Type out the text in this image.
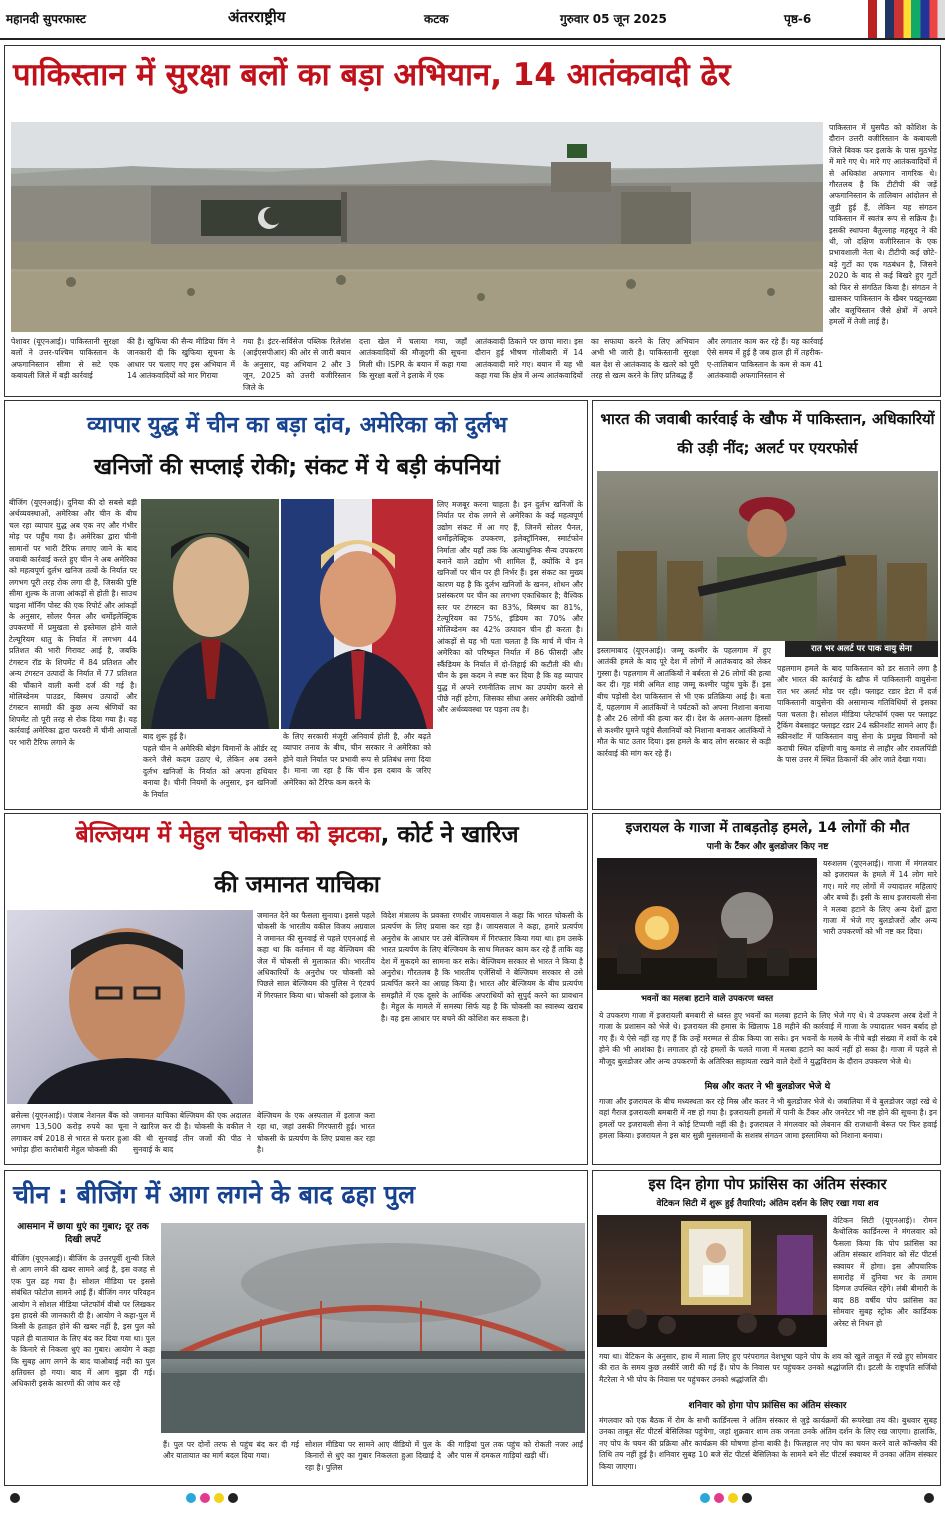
महानदी सुपरफास्ट	अंतरराष्ट्रीय	कटक	गुरुवार 05 जून 2025	पृष्ठ-6
पाकिस्तान में सुरक्षा बलों का बड़ा अभियान, 14 आतंकवादी ढेर
पाकिस्तान में घुसपैठ को कोशिश के दौरान उत्तरी वजीरिस्तान के कबायली जिले बिवक फर इलाके के पास मुठभेड़ में मारे गए थे। मारे गए आतंकवादियों में से अधिकांश अफगान नागरिक थे। गौरतलब है कि टीटीपी की जड़ें अफगानिस्तान के तालिबान आंदोलन से जुड़ी हुई हैं, लेकिन यह संगठन पाकिस्तान में स्वतंत्र रूप से सक्रिय है। इसकी स्थापना बैतुल्लाह महसूद ने की थी, जो दक्षिण वजीरिस्तान के एक प्रभावशाली नेता थे। टीटीपी कई छोटे-बड़े गुटों का एक गठबंधन है, जिसने 2020 के बाद से कई बिखरे हुए गुटों को फिर से संगठित किया है। संगठन ने खासकर पाकिस्तान के खैबर पख्तूनख्वा और बलूचिस्तान जैसे क्षेत्रों में अपने हमलों में तेजी लाई है।
पेशावर (यूएनआई)। पाकिस्तानी सुरक्षा बलों ने उत्तर-पश्चिम पाकिस्तान के अफगानिस्तान सीमा से सटे एक कबायली जिले में बड़ी कार्रवाई
की है। खुफिया की सैन्य मीडिया विंग ने जानकारी दी कि खुफिया सूचना के आधार पर चलाए गए इस अभियान में 14 आतंकवादियों को मार गिराया
गया है। इंटर-सर्विसेज पब्लिक रिलेशंस (आईएसपीआर) की ओर से जारी बयान के अनुसार, यह अभियान 2 और 3 जून, 2025 को उत्तरी वजीरिस्तान जिले के
दत्ता खेल में चलाया गया, जहाँ आतंकवादियों की मौजूदगी की सूचना मिली थी। ISPR के बयान में कहा गया कि सुरक्षा बलों ने इलाके में एक
आतंकवादी ठिकाने पर छापा मारा। इस दौरान हुई भीषण गोलीबारी में 14 आतंकवादी मारे गए। बयान में यह भी कहा गया कि क्षेत्र में अन्य आतंकवादियों
का सफाया करने के लिए अभियान अभी भी जारी है। पाकिस्तानी सुरक्षा बल देश से आतंकवाद के खतरे को पूरी तरह से खत्म करने के लिए प्रतिबद्ध हैं
और लगातार काम कर रहे हैं। यह कार्रवाई ऐसे समय में हुई है जब हाल ही में तहरीक-ए-तालिबान पाकिस्तान के कम से कम 41 आतंकवादी अफगानिस्तान से
व्यापार युद्ध में चीन का बड़ा दांव, अमेरिका को दुर्लभ
खनिजों की सप्लाई रोकी; संकट में ये बड़ी कंपनियां
बीजिंग (यूएनआई)। दुनिया की दो सबसे बड़ी अर्थव्यवस्थाओं, अमेरिका और चीन के बीच चल रहा व्यापार युद्ध अब एक नए और गंभीर मोड़ पर पहुँच गया है। अमेरिका द्वारा चीनी सामानों पर भारी टैरिफ लगाए जाने के बाद जवाबी कार्रवाई करते हुए चीन ने अब अमेरिका को महत्वपूर्ण दुर्लभ खनिज तत्वों के निर्यात पर लगभग पूरी तरह रोक लगा दी है, जिसकी पुष्टि सीमा शुल्क के ताजा आंकड़ों से होती है। साउथ चाइना मॉर्निंग पोस्ट की एक रिपोर्ट और आंकड़ों के अनुसार, सोलर पैनल और थर्मोइलेक्ट्रिक उपकरणों में प्रमुखता से इस्तेमाल होने वाले टेल्यूरियम धातु के निर्यात में लगभग 44 प्रतिशत की भारी गिरावट आई है, जबकि टंगस्टन रॉड के शिपमेंट में 84 प्रतिशत और अन्य टंगस्टन उत्पादों के निर्यात में 77 प्रतिशत की चौंकाने वाली कमी दर्ज की गई है। मोलिब्डेनम पाउडर, बिस्मथ उत्पादों और टंगस्टन सामग्री की कुछ अन्य श्रेणियों का शिपमेंट तो पूरी तरह से रोक दिया गया है। यह कार्रवाई अमेरिका द्वारा फरवरी में चीनी आयातों पर भारी टैरिफ लगाने के
बाद शुरू हुई है।
पहले चीन ने अमेरिकी बोइंग विमानों के ऑर्डर रद्द करने जैसे कदम उठाए थे, लेकिन अब उसने दुर्लभ खनिजों के निर्यात को अपना हथियार बनाया है। चीनी नियमों के अनुसार, इन खनिजों के निर्यात
के लिए सरकारी मंजूरी अनिवार्य होती है, और बढ़ते व्यापार तनाव के बीच, चीन सरकार ने अमेरिका को होने वाले निर्यात पर प्रभावी रूप से प्रतिबंध लगा दिया है। माना जा रहा है कि चीन इस दबाव के जरिए अमेरिका को टैरिफ कम करने के
लिए मजबूर करना चाहता है। इन दुर्लभ खनिजों के निर्यात पर रोक लगने से अमेरिका के कई महत्वपूर्ण उद्योग संकट में आ गए हैं, जिनमें सोलर पैनल, थर्मोइलेक्ट्रिक उपकरण, इलेक्ट्रॉनिक्स, स्मार्टफोन निर्माता और यहाँ तक कि अत्याधुनिक सैन्य उपकरण बनाने वाले उद्योग भी शामिल हैं, क्योंकि ये इन खनिजों पर चीन पर ही निर्भर हैं। इस संकट का मुख्य कारण यह है कि दुर्लभ खनिजों के खनन, शोधन और प्रसंस्करण पर चीन का लगभग एकाधिकार है; वैश्विक स्तर पर टंगस्टन का 83%, बिस्मथ का 81%, टेल्यूरियम का 75%, इंडियम का 70% और मोलिब्डेनम का 42% उत्पादन चीन ही करता है। आंकड़ों से यह भी पता चलता है कि मार्च में चीन ने अमेरिका को परिष्कृत निर्यात में 86 फीसदी और स्कैंडियम के निर्यात में दो-तिहाई की कटौती की थी। चीन के इस कदम ने स्पष्ट कर दिया है कि वह व्यापार युद्ध में अपने रणनीतिक लाभ का उपयोग करने से पीछे नहीं हटेगा, जिसका सीधा असर अमेरिकी उद्योगों और अर्थव्यवस्था पर पड़ना तय है।
भारत की जवाबी कार्रवाई के खौफ में पाकिस्तान, अधिकारियों की उड़ी नींद; अलर्ट पर एयरफोर्स
रात भर अलर्ट पर पाक वायु सेना
इस्लामाबाद (यूएनआई)। जम्मू कश्मीर के पहलगाम में हुए आतंकी हमले के बाद पूरे देश में लोगों में आतंकवाद को लेकर गुस्सा है। पहलगाम में आतंकियों ने बर्बरता से 26 लोगों की हत्या कर दी। गृह मंत्री अमित शाह जम्मू कश्मीर पहुंच चुके हैं। इस बीच पड़ोसी देश पाकिस्तान से भी एक प्रतिक्रिया आई है। बता दें, पहलगाम में आतंकियों ने पर्यटकों को अपना निशाना बनाया है और 26 लोगों की हत्या कर दी। देश के अलग-अलग हिस्सों से कश्मीर घूमने पहुंचे सैलानियों को निशाना बनाकर आतंकियों ने मौत के घाट उतार दिया। इस हमले के बाद लोग सरकार से कड़ी कार्रवाई की मांग कर रहे हैं।
पहलगाम हमले के बाद पाकिस्तान को डर सताने लगा है और भारत की कार्रवाई के खौफ में पाकिस्तानी वायुसेना रात भर अलर्ट मोड पर रही। फ्लाइट रडार डेटा में दर्ज पाकिस्तानी वायुसेना की असामान्य गतिविधियों से इसका पता चलता है। सोशल मीडिया प्लेटफॉर्म एक्स पर फ्लाइट ट्रैकिंग वेबसाइट फ्लाइट रडार 24 स्क्रीनशॉट सामने आए हैं। स्क्रीनशॉट में पाकिस्तान वायु सेना के प्रमुख विमानों को कराची स्थित दक्षिणी वायु कमांड से लाहौर और रावलपिंडी के पास उत्तर में स्थित ठिकानों की ओर जाते देखा गया।
बेल्जियम में मेहुल चोकसी को झटका, कोर्ट ने खारिज
की जमानत याचिका
जमानत देने का फैसला सुनाया। इससे पहले चोकसी के भारतीय वकील विजय अग्रवाल ने जमानत की सुनवाई से पहले एएनआई से कहा था कि वर्तमान में वह बेल्जियम की जेल में चोकसी से मुलाकात की। भारतीय अधिकारियों के अनुरोध पर चोकसी को पिछले साल बेल्जियम की पुलिस ने एंटवर्प में गिरफ्तार किया था। चोकसी को इलाज के
विदेश मंत्रालय के प्रवक्ता रणधीर जायसवाल ने कहा कि भारत चोकसी के प्रत्यर्पण के लिए प्रयास कर रहा है। जायसवाल ने कहा, हमारे प्रत्यर्पण अनुरोध के आधार पर उसे बेल्जियम में गिरफ्तार किया गया था। हम उसके भारत प्रत्यर्पण के लिए बेल्जियम के साथ मिलकर काम कर रहे हैं ताकि वह देश में मुकदमे का सामना कर सके। बेल्जियम सरकार से भारत ने किया है अनुरोध। गौरतलब है कि भारतीय एजेंसियों ने बेल्जियम सरकार से उसे प्रत्यर्पित करने का आग्रह किया है। भारत और बेल्जियम के बीच प्रत्यर्पण समझौते में एक दूसरे के आर्थिक अपराधियों को सुपुर्द करने का प्रावधान है। मेहुल के मामले में समस्या सिर्फ यह है कि चोकसी का स्वास्थ्य खराब है। वह इस आधार पर बचने की कोशिश कर सकता है।
ब्रसेल्स (यूएनआई)। पंजाब नेशनल बैंक को लगभग 13,500 करोड़ रुपये का चूना लगाकर वर्ष 2018 से भारत से फरार हुआ भगोड़ा हीरा कारोबारी मेहुल चोकसी की
जमानत याचिका बेल्जियम की एक अदालत ने खारिज कर दी है। चोकसी के वकील ने की थी सुनवाई तीन जजों की पीठ ने सुनवाई के बाद
बेल्जियम के एक अस्पताल में इलाज करा रहा था, जहां उसकी गिरफ्तारी हुई। भारत चोकसी के प्रत्यर्पण के लिए प्रयास कर रहा है।
इजरायल के गाजा में ताबड़तोड़ हमले, 14 लोगों की मौत
पानी के टैंकर और बुलडोजर किए नष्ट
भवनों का मलबा हटाने वाले उपकरण ध्वस्त
यरुशलम (यूएनआई)। गाजा में मंगलवार को इजरायल के हमले में 14 लोग मारे गए। मारे गए लोगों में ज्यादातर महिलाएं और बच्चे हैं। इसी के साथ इजरायली सेना ने मलबा हटाने के लिए अन्य देशों द्वारा गाजा में भेजे गए बुलडोजरों और अन्य भारी उपकरणों को भी नष्ट कर दिया।
ये उपकरण गाजा में इजरायली बमबारी से ध्वस्त हुए भवनों का मलबा हटाने के लिए भेजे गए थे। ये उपकरण अरब देशों ने गाजा के प्रशासन को भेजे थे। इजरायल की हमास के खिलाफ 18 महीने की कार्रवाई में गाजा के ज्यादातर भवन बर्बाद हो गए हैं। ये ऐसे नहीं रह गए हैं कि उन्हें मरम्मत से ठीक किया जा सके। इन भवनों के मलबे के नीचे बड़ी संख्या में शवों के दबे होने की भी आशंका है। लगातार हो रहे हमलों के चलते गाजा में मलबा हटाने का कार्य नहीं हो सका है। गाजा में पहले से मौजूद बुलडोजर और अन्य उपकरणों के अतिरिक्त सहायता रखने वाले देशों ने युद्धविराम के दौरान उपकरण भेजे थे।
मिस्र और कतर ने भी बुलडोजर भेजे थे
गाजा और इजरायल के बीच मध्यस्थता कर रहे मिस्र और कतर ने भी बुलडोजर भेजे थे। जबालिया में ये बुलडोजर जहां रखे थे वहां गैराज इजरायली बमबारी में नष्ट हो गया है। इजरायली हमलों में पानी के टैंकर और जनरेटर भी नष्ट होने की सूचना है। इन हमलों पर इजरायली सेना ने कोई टिप्पणी नहीं की है। इजरायल ने मंगलवार को लेबनान की राजधानी बेरूत पर फिर हवाई हमला किया। इजरायल ने इस बार सुन्नी मुसलमानों के सशस्त्र संगठन जामा इस्लामिया को निशाना बनाया।
चीन : बीजिंग में आग लगने के बाद ढहा पुल
आसमान में छाया धुएं का गुबार; दूर तक दिखी लपटें
बीजिंग (यूएनआई)। बीजिंग के उत्तरपूर्वी शुन्यी जिले से आग लगने की खबर सामने आई है, इस वजह से एक पुल ढह गया है। सोशल मीडिया पर इससे संबंधित फोटोज सामने आई हैं। बीजिंग नगर परिवहन आयोग ने सोशल मीडिया प्लेटफॉर्म वीबो पर लिखकर इस हादसे की जानकारी दी है। आयोग ने कहा-पुल में किसी के हताहत होने की खबर नहीं है, इस पुल को पहले ही यातायात के लिए बंद कर दिया गया था। पुल के किनारे से निकला धुएं का गुबार। आयोग ने कहा कि सुबह आग लगने के बाद चाओबाई नदी का पुल क्षतिग्रस्त हो गया। बाद में आग बुझा दी गई। अधिकारी इसके कारणों की जांच कर रहे
हैं। पुल पर दोनों तरफ से पहुंच बंद कर दी गई और यातायात का मार्ग बदल दिया गया।
सोशल मीडिया पर सामने आए वीडियो में पुल के किनारों से धुएं का गुबार निकलता हुआ दिखाई दे रहा है। पुलिस
की गाड़ियां पुल तक पहुंच को रोकती नजर आईं और पास में दमकल गाड़ियां खड़ी थीं।
इस दिन होगा पोप फ्रांसिस का अंतिम संस्कार
वेटिकन सिटी में शुरू हुई तैयारियां; अंतिम दर्शन के लिए रखा गया शव
वेटिकन सिटी (यूएनआई)। रोमन कैथोलिक कार्डिनल्स ने मंगलवार को फैसला किया कि पोप फ्रांसिस का अंतिम संस्कार शनिवार को सेंट पीटर्स स्क्वायर में होगा। इस औपचारिक समारोह में दुनिया भर के तमाम दिग्गज उपस्थित रहेंगे। लंबी बीमारी के बाद 88 वर्षीय पोप फ्रांसिस का सोमवार सुबह स्ट्रोक और कार्डियक अरेस्ट से निधन हो
गया था। वेटिकन के अनुसार, हाथ में माला लिए हुए परंपरागत वेशभूषा पहने पोप के शव को खुले ताबूत में रखे हुए सोमवार की रात के समय कुछ तस्वीरें जारी की गई हैं। पोप के निवास पर पहुंचकर उनको श्रद्धांजलि दी। इटली के राष्ट्रपति सर्जियो मैटरेला ने भी पोप के निवास पर पहुंचकर उनको श्रद्धांजलि दी।
शनिवार को होगा पोप फ्रांसिस का अंतिम संस्कार
मंगलवार को एक बैठक में रोम के सभी कार्डिनल्स ने अंतिम संस्कार से जुड़े कार्यक्रमों की रूपरेखा तय की। बुधवार सुबह उनका ताबूत सेंट पीटर्स बेसिलिका पहुंचेगा, जहां शुक्रवार शाम तक जनता उनके अंतिम दर्शन के लिए रख जाएगा। हालांकि, नए पोप के चयन की प्रक्रिया और कार्यक्रम की घोषणा होना बाकी है। फिलहाल नए पोप का चयन करने वाले कॉन्क्लेव की तिथि तय नहीं हुई है। शनिवार सुबह 10 बजे सेंट पीटर्स बेसिलिका के सामने बने सेंट पीटर्स स्क्वायर में उनका अंतिम संस्कार किया जाएगा।
